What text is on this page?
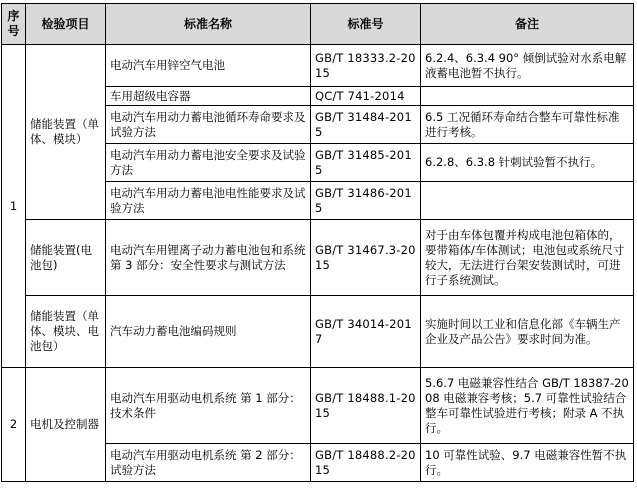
序号	检验项目	标准名称	标准号	备注
1	储能装置（单体、模块）	电动汽车用锌空气电池	GB/T 18333.2-2015	6.2.4、6.3.4 90° 倾倒试验对水系电解液蓄电池暂不执行。
		车用超级电容器	QC/T 741-2014	
		电动汽车用动力蓄电池循环寿命要求及试验方法	GB/T 31484-2015	6.5 工况循环寿命结合整车可靠性标准进行考核。
		电动汽车用动力蓄电池安全要求及试验方法	GB/T 31485-2015	6.2.8、6.3.8 针刺试验暂不执行。
		电动汽车用动力蓄电池电性能要求及试验方法	GB/T 31486-2015	
	储能装置(电池包)	电动汽车用锂离子动力蓄电池包和系统第 3 部分：安全性要求与测试方法	GB/T 31467.3-2015	对于由车体包覆并构成电池包箱体的，要带箱体/车体测试；电池包或系统尺寸较大，无法进行台架安装测试时，可进行子系统测试。
	储能装置（单体、模块、电池包）	汽车动力蓄电池编码规则	GB/T 34014-2017	实施时间以工业和信息化部《车辆生产企业及产品公告》要求时间为准。
2	电机及控制器	电动汽车用驱动电机系统 第 1 部分：技术条件	GB/T 18488.1-2015	5.6.7 电磁兼容性结合 GB/T 18387-2008 电磁兼容考核；5.7 可靠性试验结合整车可靠性试验进行考核；附录 A 不执行。
		电动汽车用驱动电机系统 第 2 部分：试验方法	GB/T 18488.2-2015	10 可靠性试验、9.7 电磁兼容性暂不执行。
